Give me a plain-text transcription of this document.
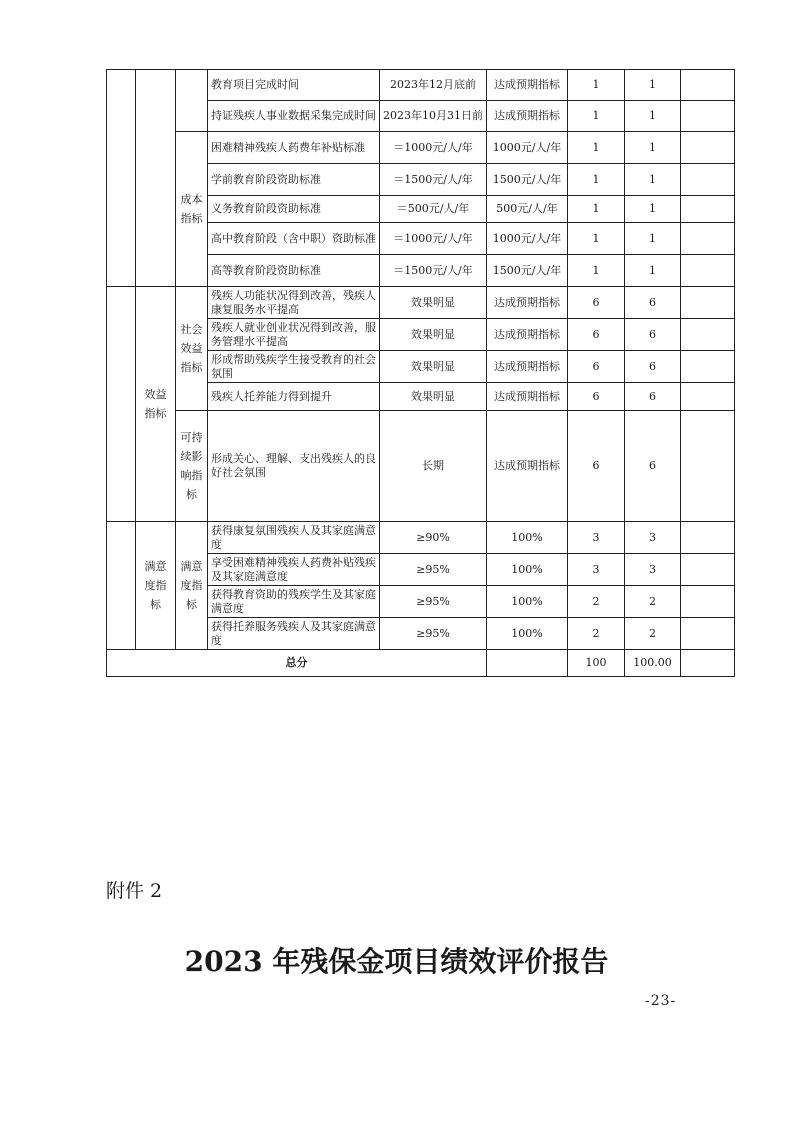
			教育项目完成时间	2023年12月底前	达成预期指标	1	1	
			持证残疾人事业数据采集完成时间	2023年10月31日前	达成预期指标	1	1	
		成本指标	困难精神残疾人药费年补贴标准	＝1000元/人/年	1000元/人/年	1	1	
			学前教育阶段资助标准	＝1500元/人/年	1500元/人/年	1	1	
			义务教育阶段资助标准	＝500元/人/年	500元/人/年	1	1	
			高中教育阶段（含中职）资助标准	＝1000元/人/年	1000元/人/年	1	1	
			高等教育阶段资助标准	＝1500元/人/年	1500元/人/年	1	1	
	效益指标	社会效益指标	残疾人功能状况得到改善，残疾人康复服务水平提高	效果明显	达成预期指标	6	6	
			残疾人就业创业状况得到改善，服务管理水平提高	效果明显	达成预期指标	6	6	
			形成帮助残疾学生接受教育的社会氛围	效果明显	达成预期指标	6	6	
			残疾人托养能力得到提升	效果明显	达成预期指标	6	6	
		可持续影响指标	形成关心、理解、支出残疾人的良好社会氛围	长期	达成预期指标	6	6	
	满意度指标	满意度指标	获得康复氛围残疾人及其家庭满意度	≥90%	100%	3	3	
			享受困难精神残疾人药费补贴残疾及其家庭满意度	≥95%	100%	3	3	
			获得教育资助的残疾学生及其家庭满意度	≥95%	100%	2	2	
			获得托养服务残疾人及其家庭满意度	≥95%	100%	2	2	
总分						100	100.00	
附件 2
2023 年残保金项目绩效评价报告
-23-
